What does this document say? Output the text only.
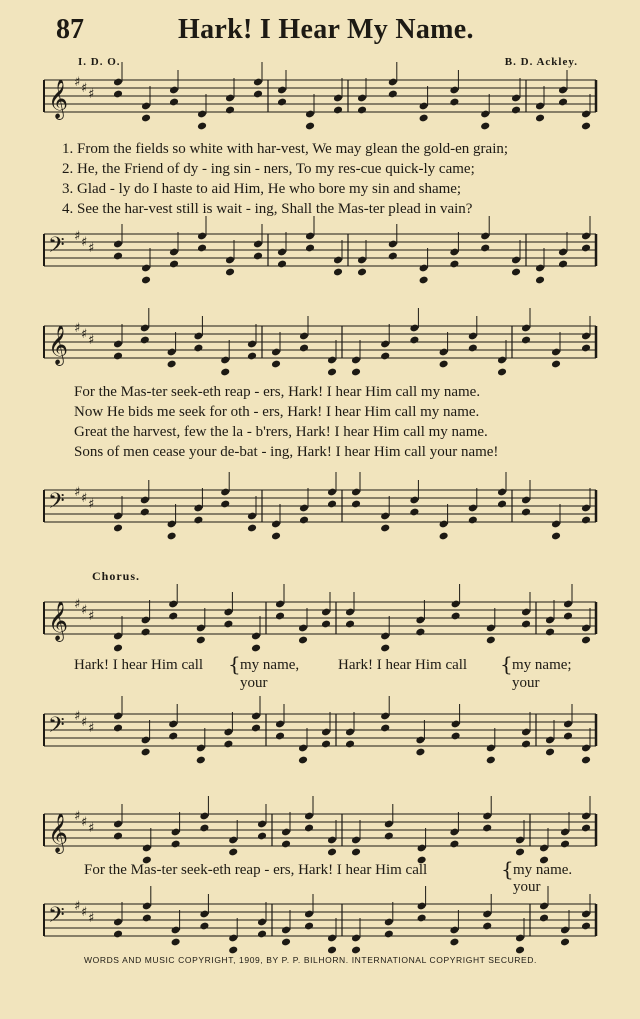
87	Hark! I Hear My Name.
I. D. O.	B. D. Ackley.
𝄞 ♯ ♯ ♯
1. From the fields so white with har-vest, We may glean the gold-en grain;
2. He, the Friend of dy - ing sin - ners, To my res-cue quick-ly came;
3. Glad - ly do I haste to aid Him, He who bore my sin and shame;
4. See the har-vest still is wait - ing, Shall the Mas-ter plead in vain?
𝄢 ♯ ♯ ♯
𝄞 ♯ ♯ ♯
For the Mas-ter seek-eth reap - ers, Hark! I hear Him call my name.
Now He bids me seek for oth - ers, Hark! I hear Him call my name.
Great the harvest, few the la - b'rers, Hark! I hear Him call my name.
Sons of men cease your de-bat - ing, Hark! I hear Him call your name!
𝄢 ♯ ♯ ♯
Chorus.
𝄞 ♯ ♯ ♯
Hark! I hear Him call { my name,	Hark! I hear Him call { my name;
your	your
𝄢 ♯ ♯ ♯
𝄞 ♯ ♯ ♯
For the Mas-ter seek-eth reap - ers, Hark! I hear Him call	{ my name.
your
𝄢 ♯ ♯ ♯
WORDS AND MUSIC COPYRIGHT, 1909, BY P. P. BILHORN. INTERNATIONAL COPYRIGHT SECURED.
